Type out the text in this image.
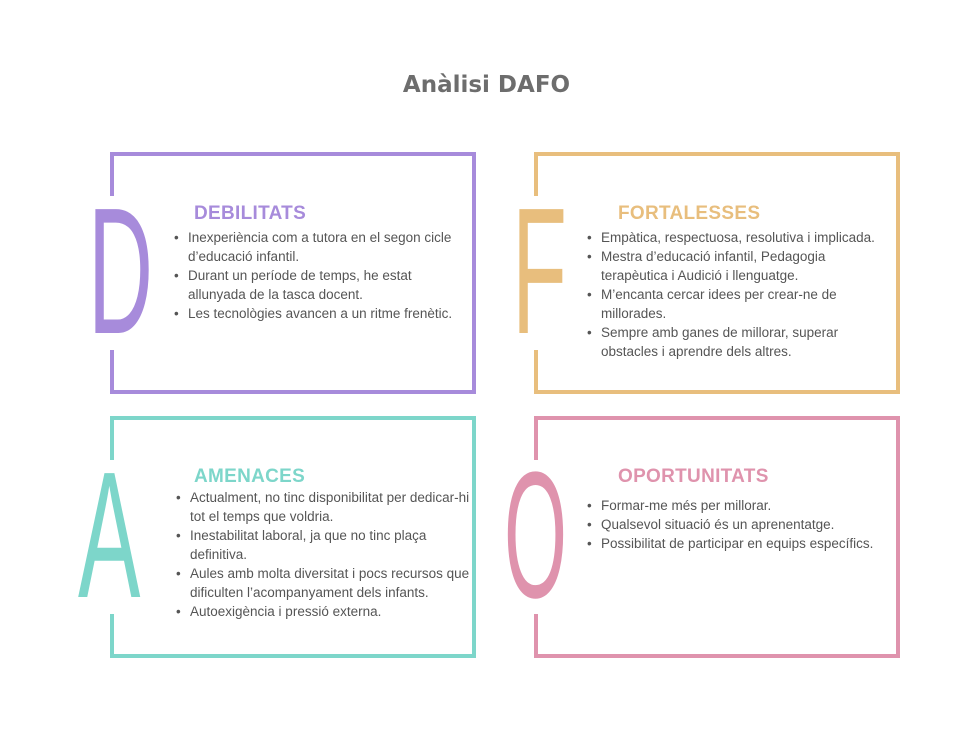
Anàlisi DAFO
D DEBILITATS
• Inexperiència com a tutora en el segon cicle d’educació infantil.
• Durant un període de temps, he estat allunyada de la tasca docent.
• Les tecnològies avancen a un ritme frenètic. F	FORTALESSES
• Empàtica, respectuosa, resolutiva i implicada.
• Mestra d’educació infantil, Pedagogia terapèutica i Audició i llenguatge.
• M’encanta cercar idees per crear-ne de millorades.
• Sempre amb ganes de millorar, superar obstacles i aprendre dels altres.
A	AMENACES
• Actualment, no tinc disponibilitat per dedicar-hi tot el temps que voldria.
• Inestabilitat laboral, ja que no tinc plaça definitiva.
• Aules amb molta diversitat i pocs recursos que dificulten l’acompanyament dels infants.
• Autoexigència i pressió externa. O	OPORTUNITATS
• Formar-me més per millorar.
• Qualsevol situació és un aprenentatge.
• Possibilitat de participar en equips específics.
